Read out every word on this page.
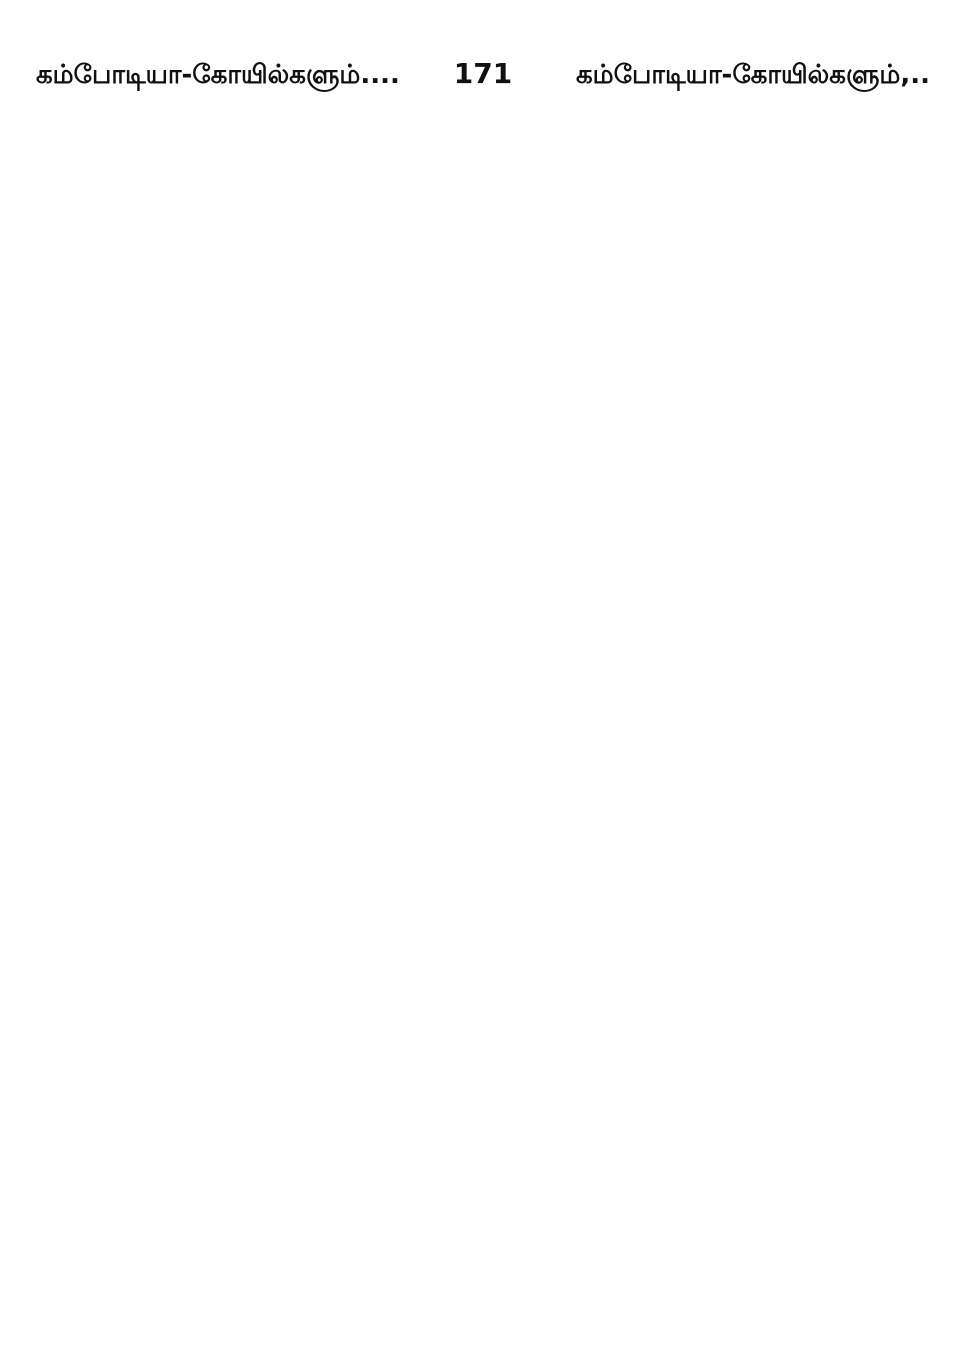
கம்போடியா-கோயில்களும்....	171	கம்போடியா-கோயில்களும்,..
